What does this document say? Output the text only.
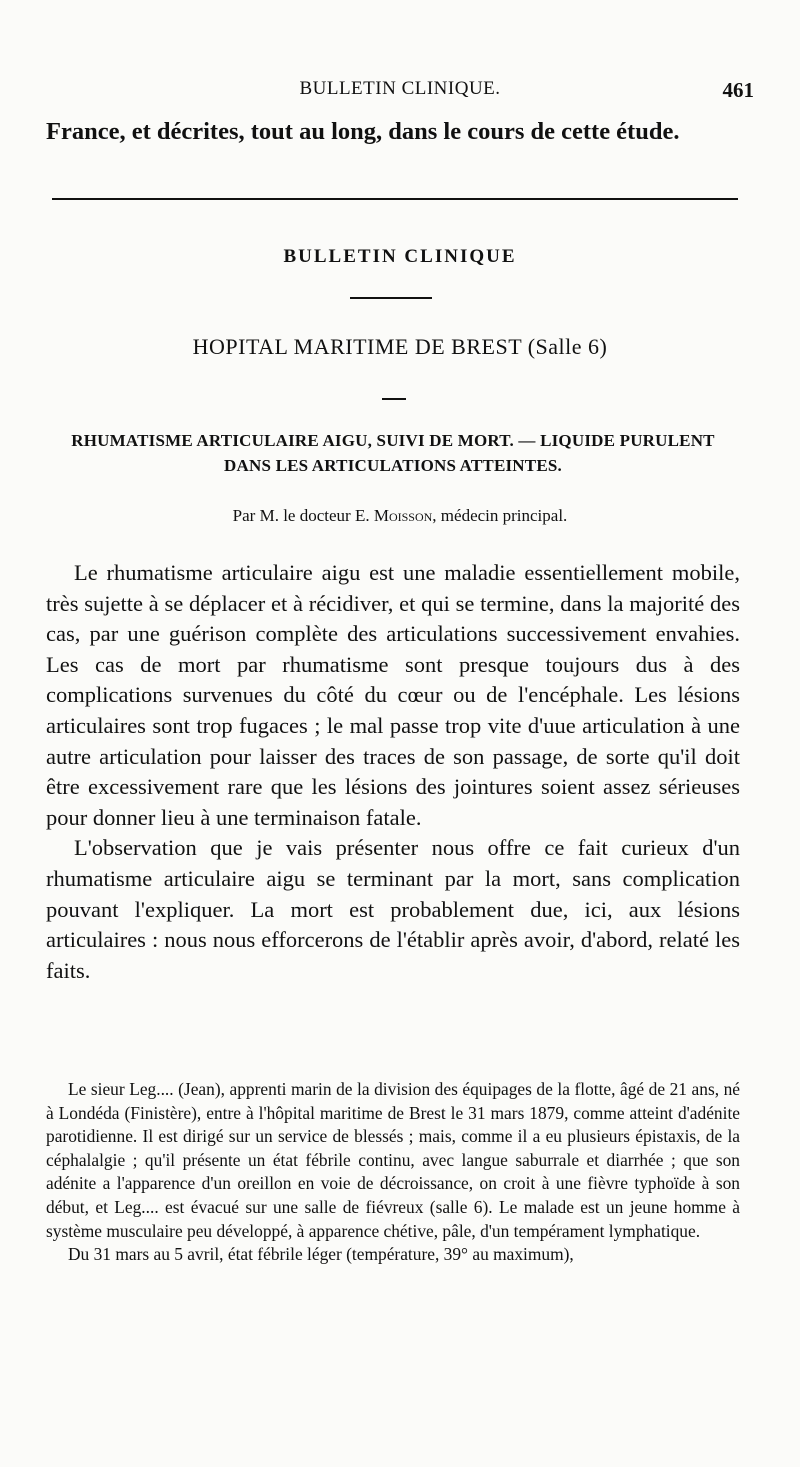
BULLETIN CLINIQUE.	461
France, et décrites, tout au long, dans le cours de cette étude.
BULLETIN CLINIQUE
HOPITAL MARITIME DE BREST (Salle 6)
RHUMATISME ARTICULAIRE AIGU, SUIVI DE MORT. — LIQUIDE PURULENT DANS LES ARTICULATIONS ATTEINTES.
Par M. le docteur E. Moisson, médecin principal.

Le rhumatisme articulaire aigu est une maladie essentiellement mobile, très sujette à se déplacer et à récidiver, et qui se termine, dans la majorité des cas, par une guérison complète des articulations successivement envahies. Les cas de mort par rhumatisme sont presque toujours dus à des complications survenues du côté du cœur ou de l'encéphale. Les lésions articulaires sont trop fugaces ; le mal passe trop vite d'uue articulation à une autre articulation pour laisser des traces de son passage, de sorte qu'il doit être excessivement rare que les lésions des jointures soient assez sérieuses pour donner lieu à une terminaison fatale.

L'observation que je vais présenter nous offre ce fait curieux d'un rhumatisme articulaire aigu se terminant par la mort, sans complication pouvant l'expliquer. La mort est probablement due, ici, aux lésions articulaires : nous nous efforcerons de l'établir après avoir, d'abord, relaté les faits.

Le sieur Leg.... (Jean), apprenti marin de la division des équipages de la flotte, âgé de 21 ans, né à Londéda (Finistère), entre à l'hôpital maritime de Brest le 31 mars 1879, comme atteint d'adénite parotidienne. Il est dirigé sur un service de blessés ; mais, comme il a eu plusieurs épistaxis, de la céphalalgie ; qu'il présente un état fébrile continu, avec langue saburrale et diarrhée ; que son adénite a l'apparence d'un oreillon en voie de décroissance, on croit à une fièvre typhoïde à son début, et Leg.... est évacué sur une salle de fiévreux (salle 6). Le malade est un jeune homme à système musculaire peu développé, à apparence chétive, pâle, d'un tempérament lymphatique.

Du 31 mars au 5 avril, état fébrile léger (température, 39° au maximum),
